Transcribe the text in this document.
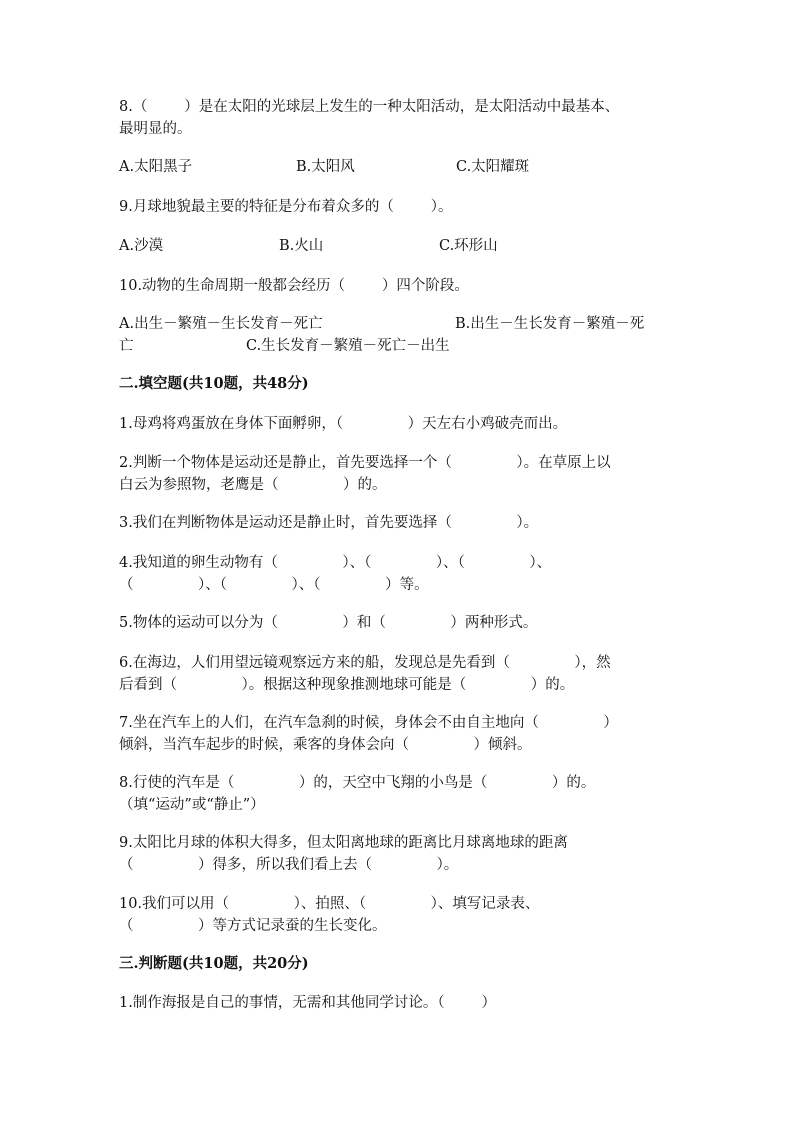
8.（        ）是在太阳的光球层上发生的一种太阳活动，是太阳活动中最基本、
最明显的。
A.太阳黑子	B.太阳风	C.太阳耀斑
9.月球地貌最主要的特征是分布着众多的（        ）。
A.沙漠	B.火山	C.环形山
10.动物的生命周期一般都会经历（        ）四个阶段。
A.出生－繁殖－生长发育－死亡	B.出生－生长发育－繁殖－死
亡	C.生长发育－繁殖－死亡－出生
二.填空题(共10题，共48分)
1.母鸡将鸡蛋放在身体下面孵卵，（              ）天左右小鸡破壳而出。
2.判断一个物体是运动还是静止，首先要选择一个（              ）。在草原上以
白云为参照物，老鹰是（              ）的。
3.我们在判断物体是运动还是静止时，首先要选择（              ）。
4.我知道的卵生动物有（              ）、（              ）、（              ）、
（              ）、（              ）、（              ）等。
5.物体的运动可以分为（              ）和（              ）两种形式。
6.在海边，人们用望远镜观察远方来的船，发现总是先看到（              ），然
后看到（              ）。根据这种现象推测地球可能是（              ）的。
7.坐在汽车上的人们，在汽车急刹的时候，身体会不由自主地向（              ）
倾斜，当汽车起步的时候，乘客的身体会向（              ）倾斜。
8.行使的汽车是（              ）的，天空中飞翔的小鸟是（              ）的。
（填“运动”或“静止”）
9.太阳比月球的体积大得多，但太阳离地球的距离比月球离地球的距离
（              ）得多，所以我们看上去（              ）。
10.我们可以用（              ）、拍照、（              ）、填写记录表、
（              ）等方式记录蚕的生长变化。
三.判断题(共10题，共20分)
1.制作海报是自己的事情，无需和其他同学讨论。（        ）
